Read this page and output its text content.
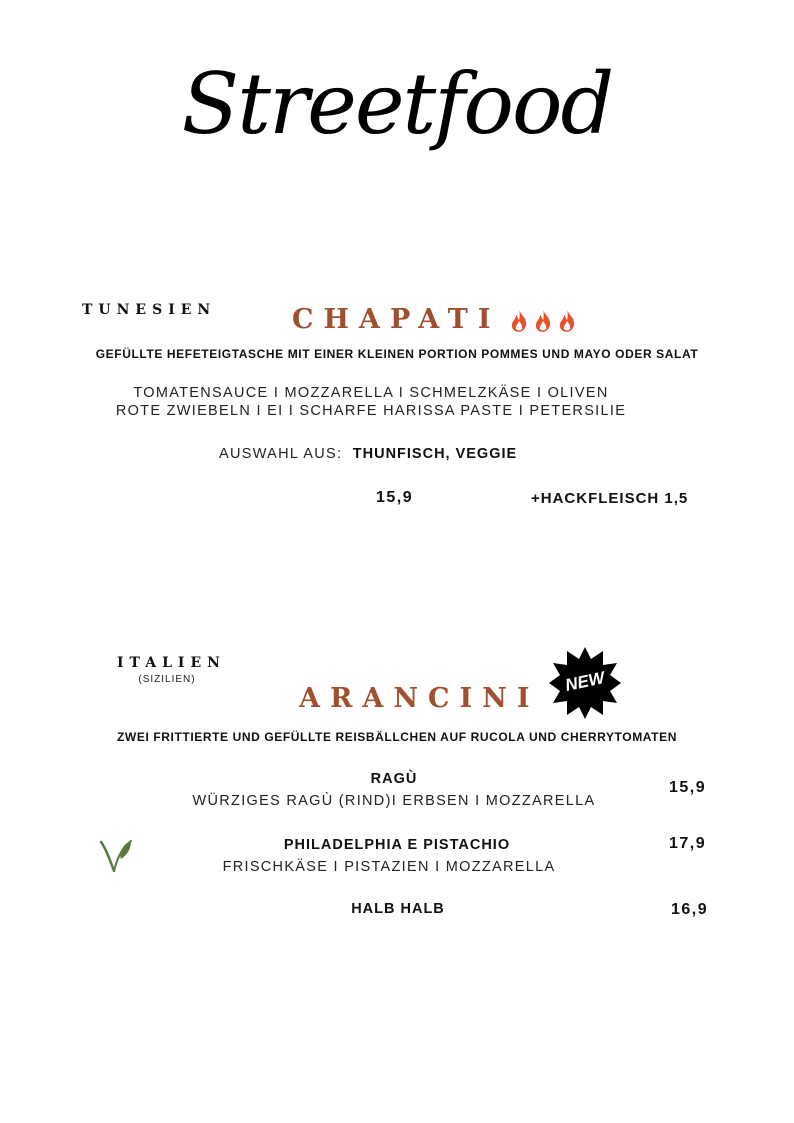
Streetfood
TUNESIEN	CHAPATI
GEFÜLLTE HEFETEIGTASCHE MIT EINER KLEINEN PORTION POMMES UND MAYO ODER SALAT
TOMATENSAUCE I MOZZARELLA I SCHMELZKÄSE I OLIVEN
ROTE ZWIEBELN I EI I SCHARFE HARISSA PASTE I PETERSILIE
AUSWAHL AUS: THUNFISCH, VEGGIE
15,9	+HACKFLEISCH 1,5
ITALIEN
(SIZILIEN)
ARANCINI
NEW
ZWEI FRITTIERTE UND GEFÜLLTE REISBÄLLCHEN AUF RUCOLA UND CHERRYTOMATEN
RAGÙ
WÜRZIGES RAGÙ (RIND)I ERBSEN I MOZZARELLA
15,9
PHILADELPHIA E PISTACHIO
FRISCHKÄSE I PISTAZIEN I MOZZARELLA
17,9
HALB HALB	16,9
